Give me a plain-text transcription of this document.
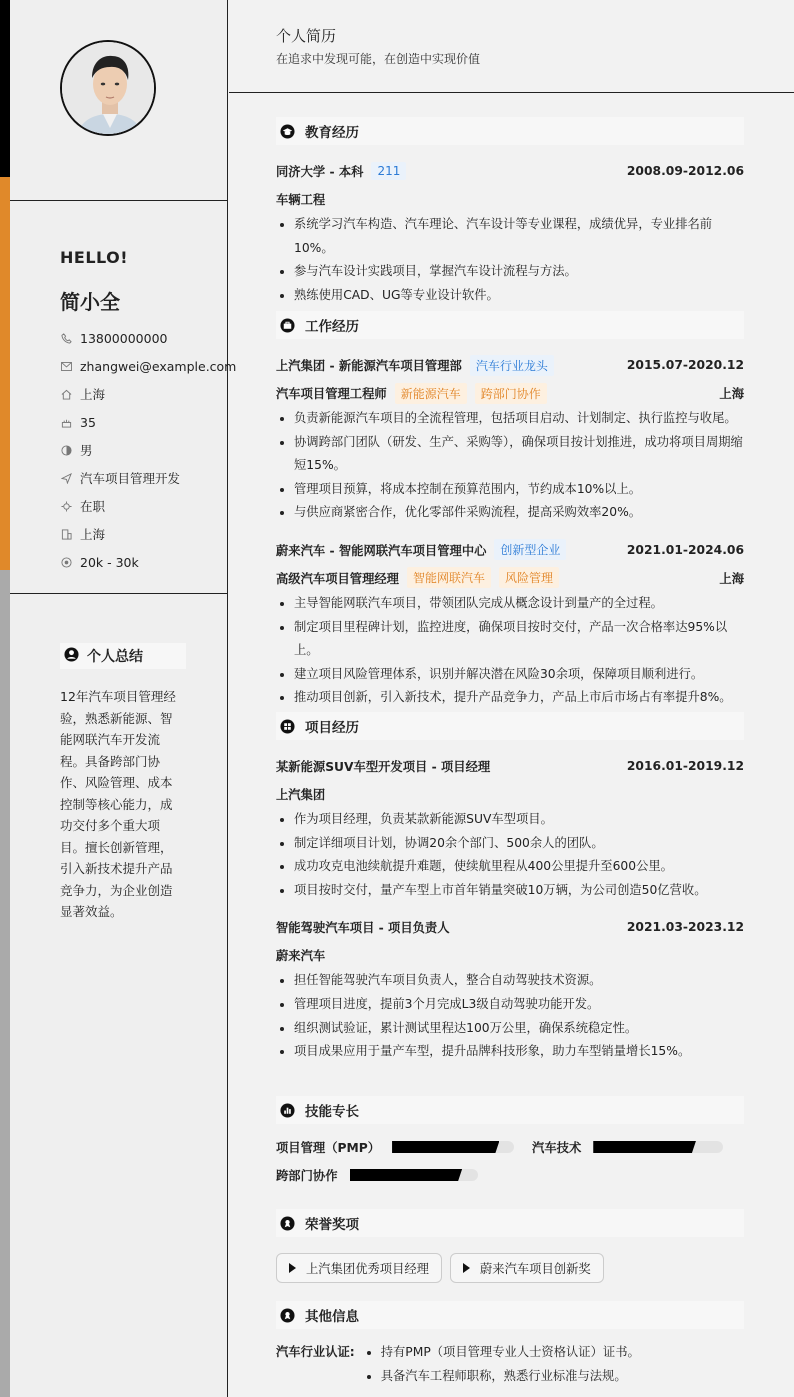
HELLO!
简小全
13800000000
zhangwei@example.com
上海
35
男
汽车项目管理开发
在职
上海
20k - 30k
个人总结
12年汽车项目管理经验，熟悉新能源、智能网联汽车开发流程。具备跨部门协作、风险管理、成本控制等核心能力，成功交付多个重大项目。擅长创新管理，引入新技术提升产品竞争力，为企业创造显著效益。
个人简历
在追求中发现可能，在创造中实现价值
教育经历
同济大学 - 本科	211	2008.09-2012.06
车辆工程
系统学习汽车构造、汽车理论、汽车设计等专业课程，成绩优异，专业排名前10%。
参与汽车设计实践项目，掌握汽车设计流程与方法。
熟练使用CAD、UG等专业设计软件。
工作经历
上汽集团 - 新能源汽车项目管理部	汽车行业龙头	2015.07-2020.12
汽车项目管理工程师	新能源汽车	跨部门协作	上海
负责新能源汽车项目的全流程管理，包括项目启动、计划制定、执行监控与收尾。
协调跨部门团队（研发、生产、采购等），确保项目按计划推进，成功将项目周期缩短15%。
管理项目预算，将成本控制在预算范围内，节约成本10%以上。
与供应商紧密合作，优化零部件采购流程，提高采购效率20%。
蔚来汽车 - 智能网联汽车项目管理中心	创新型企业	2021.01-2024.06
高级汽车项目管理经理	智能网联汽车	风险管理	上海
主导智能网联汽车项目，带领团队完成从概念设计到量产的全过程。
制定项目里程碑计划，监控进度，确保项目按时交付，产品一次合格率达95%以上。
建立项目风险管理体系，识别并解决潜在风险30余项，保障项目顺利进行。
推动项目创新，引入新技术，提升产品竞争力，产品上市后市场占有率提升8%。
项目经历
某新能源SUV车型开发项目 - 项目经理	2016.01-2019.12
上汽集团
作为项目经理，负责某款新能源SUV车型项目。
制定详细项目计划，协调20余个部门、500余人的团队。
成功攻克电池续航提升难题，使续航里程从400公里提升至600公里。
项目按时交付，量产车型上市首年销量突破10万辆，为公司创造50亿营收。
智能驾驶汽车项目 - 项目负责人	2021.03-2023.12
蔚来汽车
担任智能驾驶汽车项目负责人，整合自动驾驶技术资源。
管理项目进度，提前3个月完成L3级自动驾驶功能开发。
组织测试验证，累计测试里程达100万公里，确保系统稳定性。
项目成果应用于量产车型，提升品牌科技形象，助力车型销量增长15%。
技能专长
项目管理（PMP）	汽车技术
跨部门协作
荣誉奖项
上汽集团优秀项目经理	蔚来汽车项目创新奖
其他信息
汽车行业认证:	持有PMP（项目管理专业人士资格认证）证书。
具备汽车工程师职称，熟悉行业标准与法规。
